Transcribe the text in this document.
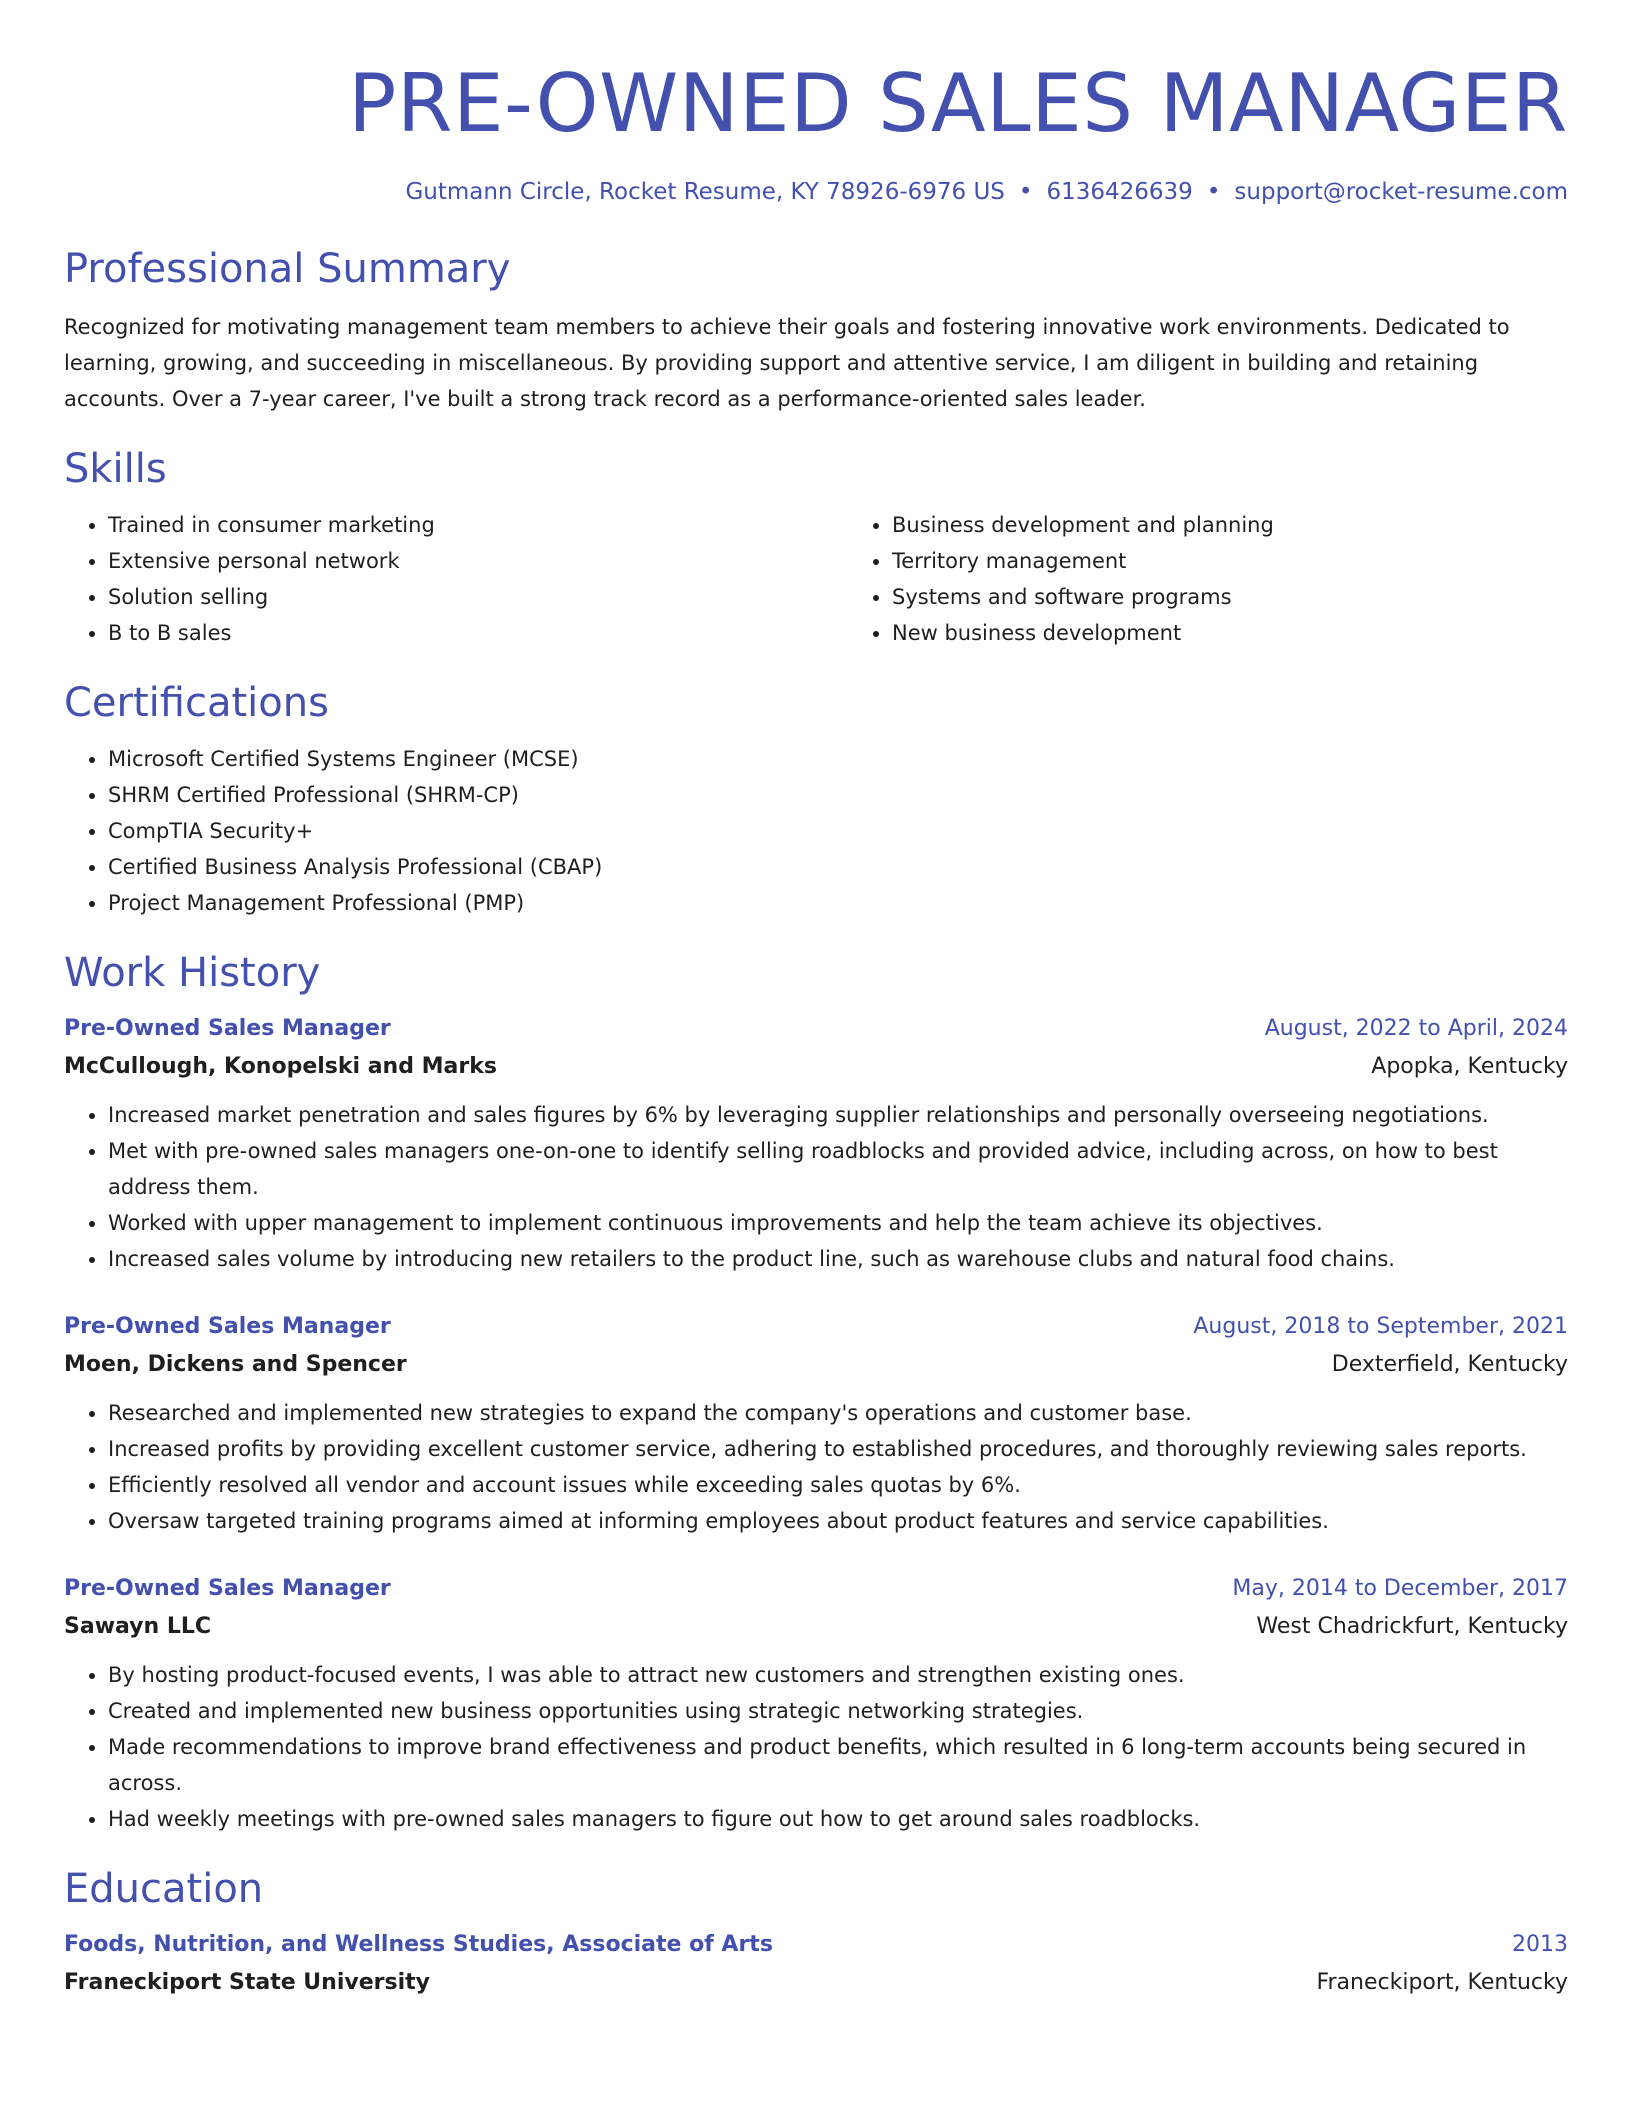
PRE-OWNED SALES MANAGER
Gutmann Circle, Rocket Resume, KY 78926-6976 US • 6136426639 • support@rocket-resume.com
Professional Summary
Recognized for motivating management team members to achieve their goals and fostering innovative work environments. Dedicated to learning, growing, and succeeding in miscellaneous. By providing support and attentive service, I am diligent in building and retaining accounts. Over a 7-year career, I've built a strong track record as a performance-oriented sales leader.
Skills
• Trained in consumer marketing
• Extensive personal network
• Solution selling
• B to B sales
• Business development and planning
• Territory management
• Systems and software programs
• New business development
Certifications
• Microsoft Certified Systems Engineer (MCSE)
• SHRM Certified Professional (SHRM-CP)
• CompTIA Security+
• Certified Business Analysis Professional (CBAP)
• Project Management Professional (PMP)
Work History
Pre-Owned Sales Manager	August, 2022 to April, 2024
McCullough, Konopelski and Marks	Apopka, Kentucky
• Increased market penetration and sales figures by 6% by leveraging supplier relationships and personally overseeing negotiations.
• Met with pre-owned sales managers one-on-one to identify selling roadblocks and provided advice, including across, on how to best address them.
• Worked with upper management to implement continuous improvements and help the team achieve its objectives.
• Increased sales volume by introducing new retailers to the product line, such as warehouse clubs and natural food chains.
Pre-Owned Sales Manager	August, 2018 to September, 2021
Moen, Dickens and Spencer	Dexterfield, Kentucky
• Researched and implemented new strategies to expand the company's operations and customer base.
• Increased profits by providing excellent customer service, adhering to established procedures, and thoroughly reviewing sales reports.
• Efficiently resolved all vendor and account issues while exceeding sales quotas by 6%.
• Oversaw targeted training programs aimed at informing employees about product features and service capabilities.
Pre-Owned Sales Manager	May, 2014 to December, 2017
Sawayn LLC	West Chadrickfurt, Kentucky
• By hosting product-focused events, I was able to attract new customers and strengthen existing ones.
• Created and implemented new business opportunities using strategic networking strategies.
• Made recommendations to improve brand effectiveness and product benefits, which resulted in 6 long-term accounts being secured in across.
• Had weekly meetings with pre-owned sales managers to figure out how to get around sales roadblocks.
Education
Foods, Nutrition, and Wellness Studies, Associate of Arts	2013
Franeckiport State University	Franeckiport, Kentucky
